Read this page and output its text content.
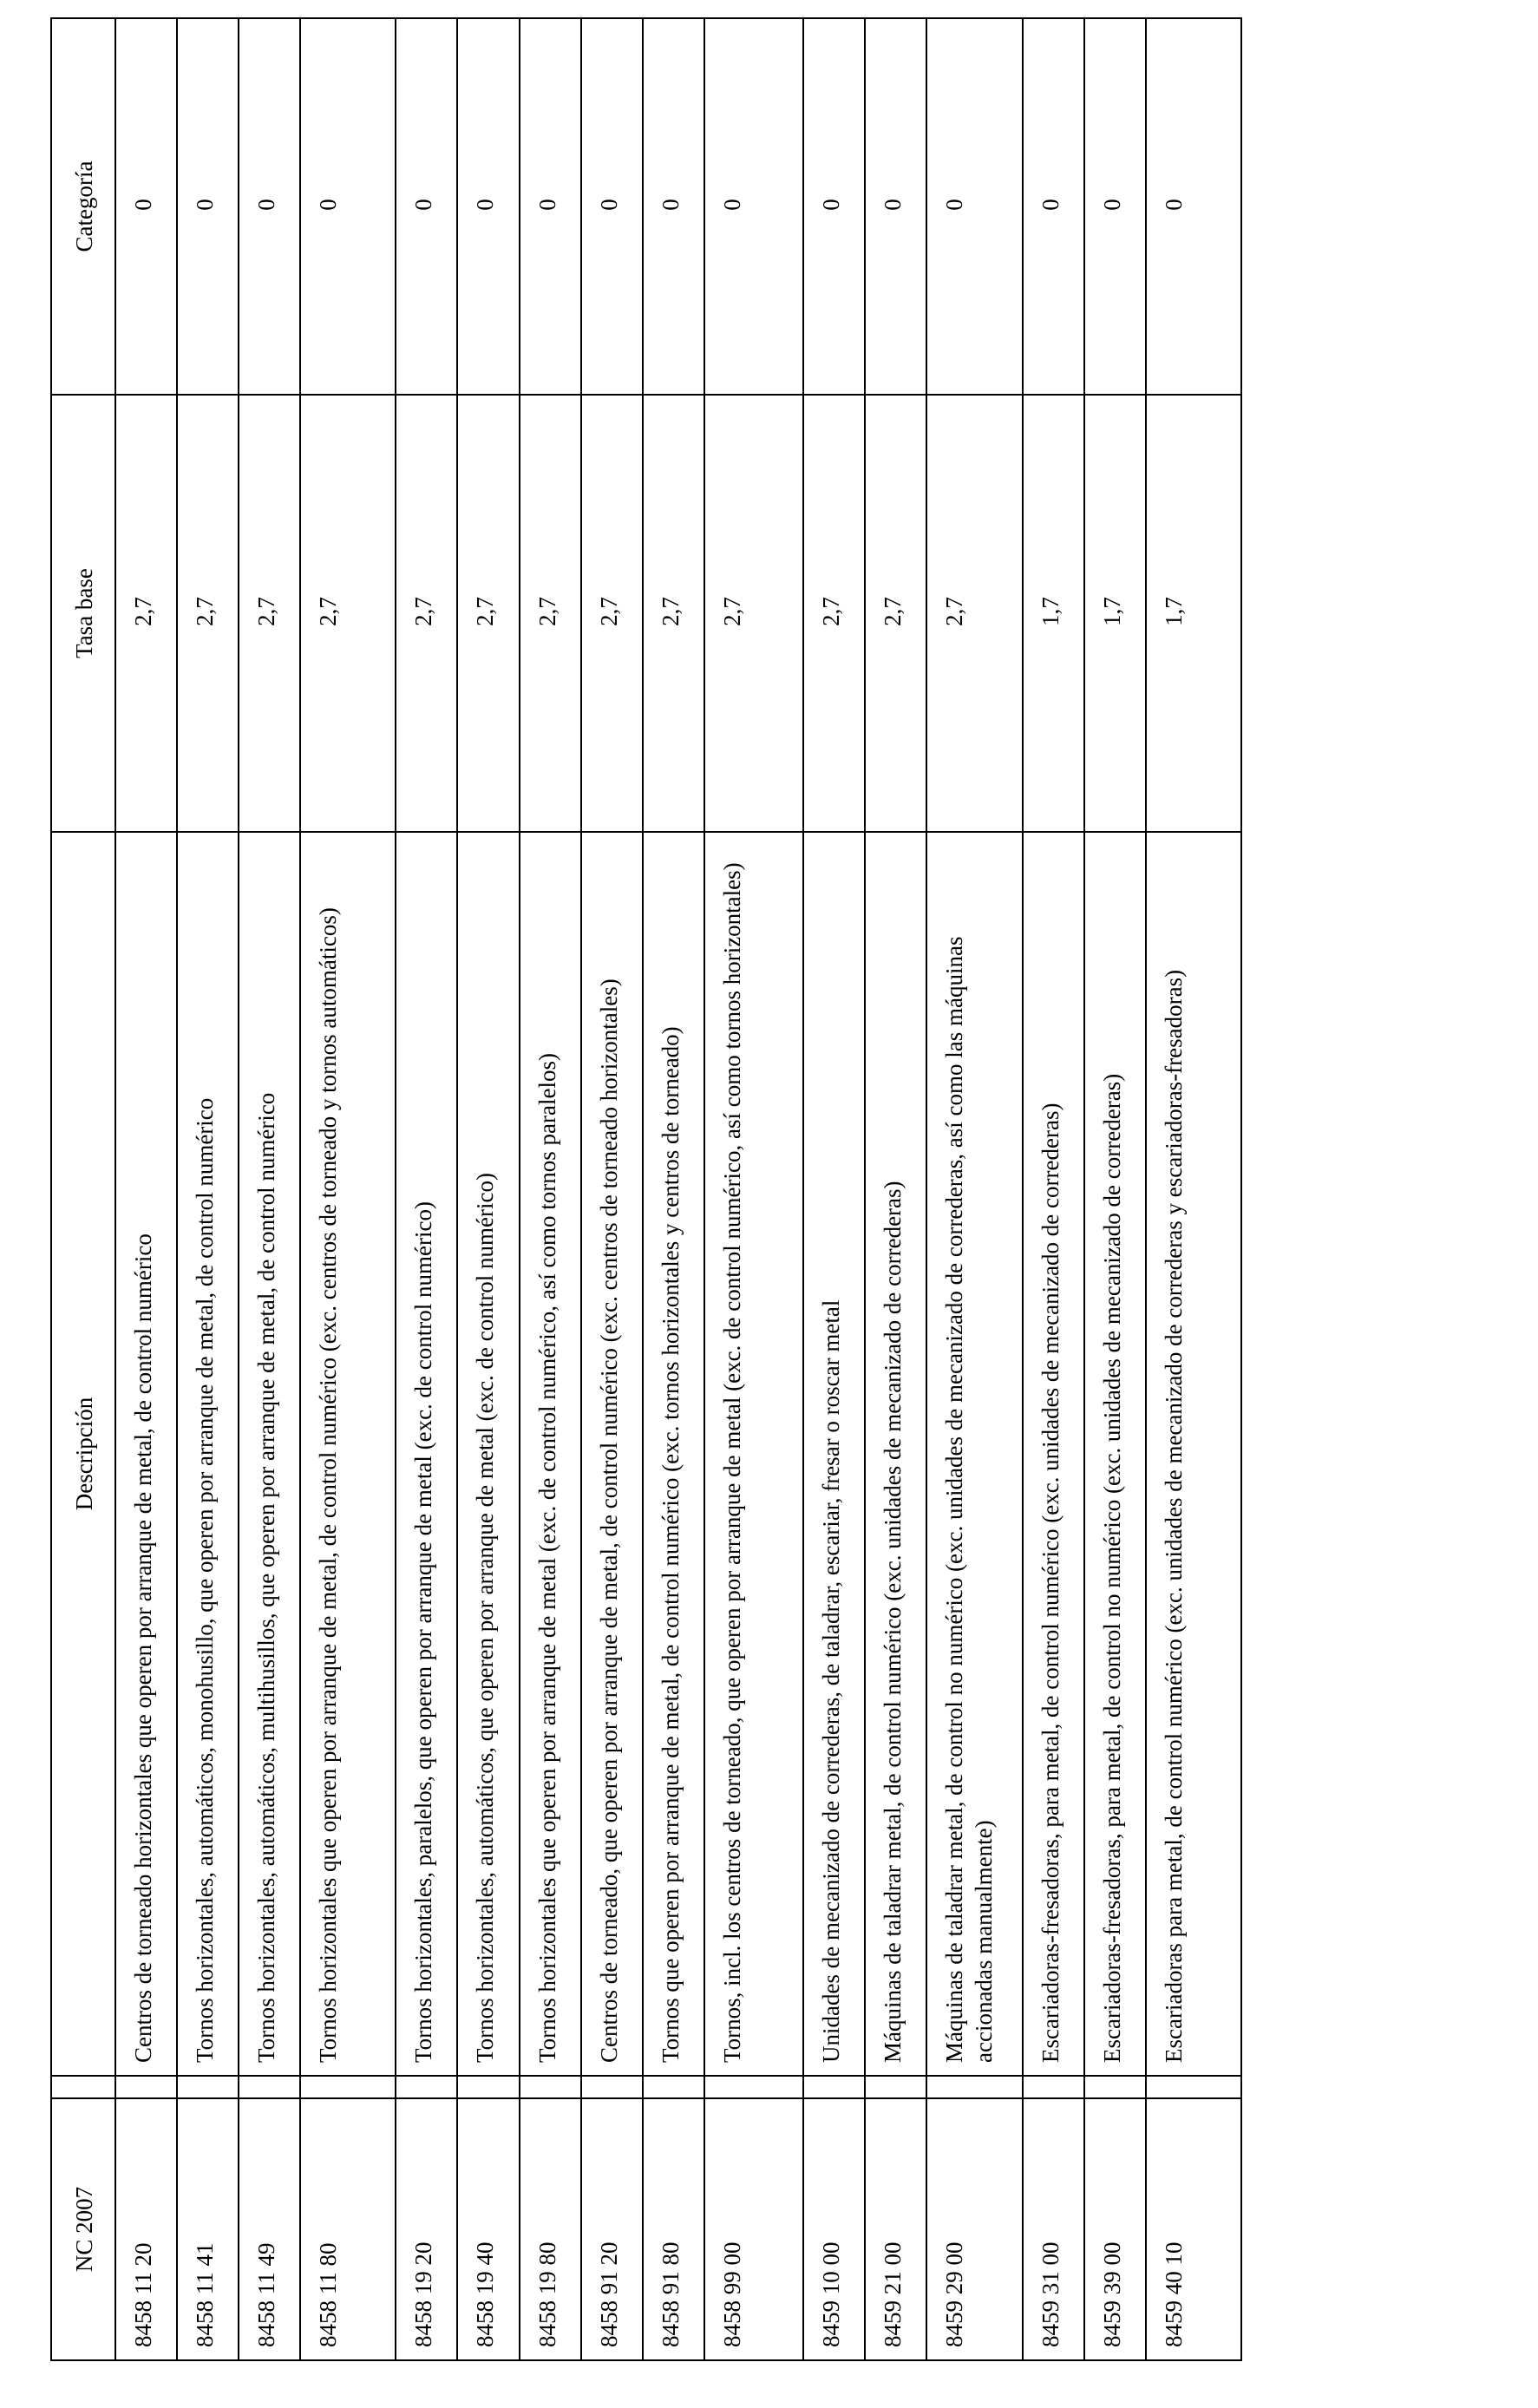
NC 2007		Descripción	Tasa base	Categoría
8458 11 20		Centros de torneado horizontales que operen por arranque de metal, de control numérico	2,7	0
8458 11 41		Tornos horizontales, automáticos, monohusillo, que operen por arranque de metal, de control numérico	2,7	0
8458 11 49		Tornos horizontales, automáticos, multihusillos, que operen por arranque de metal, de control numérico	2,7	0
8458 11 80		Tornos horizontales que operen por arranque de metal, de control numérico (exc. centros de torneado y tornos automáticos)	2,7	0
8458 19 20		Tornos horizontales, paralelos, que operen por arranque de metal (exc. de control numérico)	2,7	0
8458 19 40		Tornos horizontales, automáticos, que operen por arranque de metal (exc. de control numérico)	2,7	0
8458 19 80		Tornos horizontales que operen por arranque de metal (exc. de control numérico, así como tornos paralelos)	2,7	0
8458 91 20		Centros de torneado, que operen por arranque de metal, de control numérico (exc. centros de torneado horizontales)	2,7	0
8458 91 80		Tornos que operen por arranque de metal, de control numérico (exc. tornos horizontales y centros de torneado)	2,7	0
8458 99 00		Tornos, incl. los centros de torneado, que operen por arranque de metal (exc. de control numérico, así como tornos horizontales)	2,7	0
8459 10 00		Unidades de mecanizado de correderas, de taladrar, escariar, fresar o roscar metal	2,7	0
8459 21 00		Máquinas de taladrar metal, de control numérico (exc. unidades de mecanizado de correderas)	2,7	0
8459 29 00		Máquinas de taladrar metal, de control no numérico (exc. unidades de mecanizado de correderas, así como las máquinas accionadas manualmente)	2,7	0
8459 31 00		Escariadoras-fresadoras, para metal, de control numérico (exc. unidades de mecanizado de correderas)	1,7	0
8459 39 00		Escariadoras-fresadoras, para metal, de control no numérico (exc. unidades de mecanizado de correderas)	1,7	0
8459 40 10		Escariadoras para metal, de control numérico (exc. unidades de mecanizado de correderas y escariadoras-fresadoras)	1,7	0
